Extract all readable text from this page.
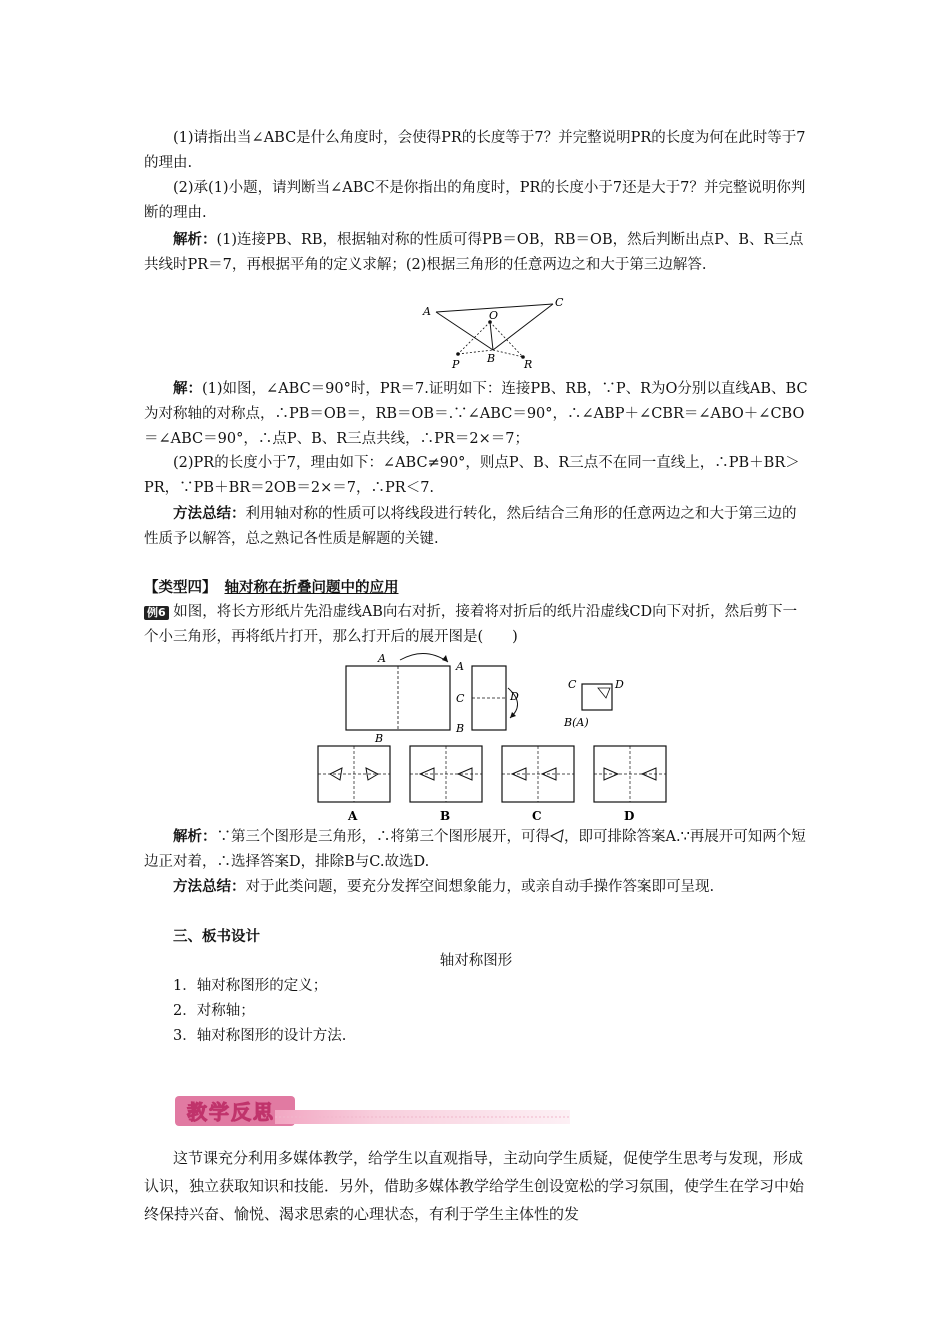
(1)请指出当∠ABC是什么角度时，会使得PR的长度等于7？并完整说明PR的长度为何在此时等于7的理由.

(2)承(1)小题，请判断当∠ABC不是你指出的角度时，PR的长度小于7还是大于7？并完整说明你判断的理由.

解析：(1)连接PB、RB，根据轴对称的性质可得PB＝OB，RB＝OB，然后判断出点P、B、R三点共线时PR＝7，再根据平角的定义求解；(2)根据三角形的任意两边之和大于第三边解答.

A
C
O
B
P	R

解：(1)如图，∠ABC＝90°时，PR＝7.证明如下：连接PB、RB，∵P、R为O分别以直线AB、BC为对称轴的对称点，∴PB＝OB＝，RB＝OB＝.∵∠ABC＝90°，∴∠ABP＋∠CBR＝∠ABO＋∠CBO＝∠ABC＝90°，∴点P、B、R三点共线，∴PR＝2×＝7；

(2)PR的长度小于7，理由如下：∠ABC≠90°，则点P、B、R三点不在同一直线上，∴PB＋BR＞PR，∵PB＋BR＝2OB＝2×＝7，∴PR＜7.

方法总结：利用轴对称的性质可以将线段进行转化，然后结合三角形的任意两边之和大于第三边的性质予以解答，总之熟记各性质是解题的关键.

【类型四】 轴对称在折叠问题中的应用

例6 如图，将长方形纸片先沿虚线AB向右对折，接着将对折后的纸片沿虚线CD向下对折，然后剪下一个小三角形，再将纸片打开，那么打开后的展开图是(　　)

A
B
A
C
B
D
C	D
B(A)
A	B	C	D

解析：∵第三个图形是三角形，∴将第三个图形展开，可得 ，即可排除答案A.∵再展开可知两个短边正对着，∴选择答案D，排除B与C.故选D.

方法总结：对于此类问题，要充分发挥空间想象能力，或亲自动手操作答案即可呈现.

三、板书设计

轴对称图形

1．轴对称图形的定义；

2．对称轴；

3．轴对称图形的设计方法.

教学反思

这节课充分利用多媒体教学，给学生以直观指导，主动向学生质疑，促使学生思考与发现，形成认识，独立获取知识和技能．另外，借助多媒体教学给学生创设宽松的学习氛围，使学生在学习中始终保持兴奋、愉悦、渴求思索的心理状态，有利于学生主体性的发
